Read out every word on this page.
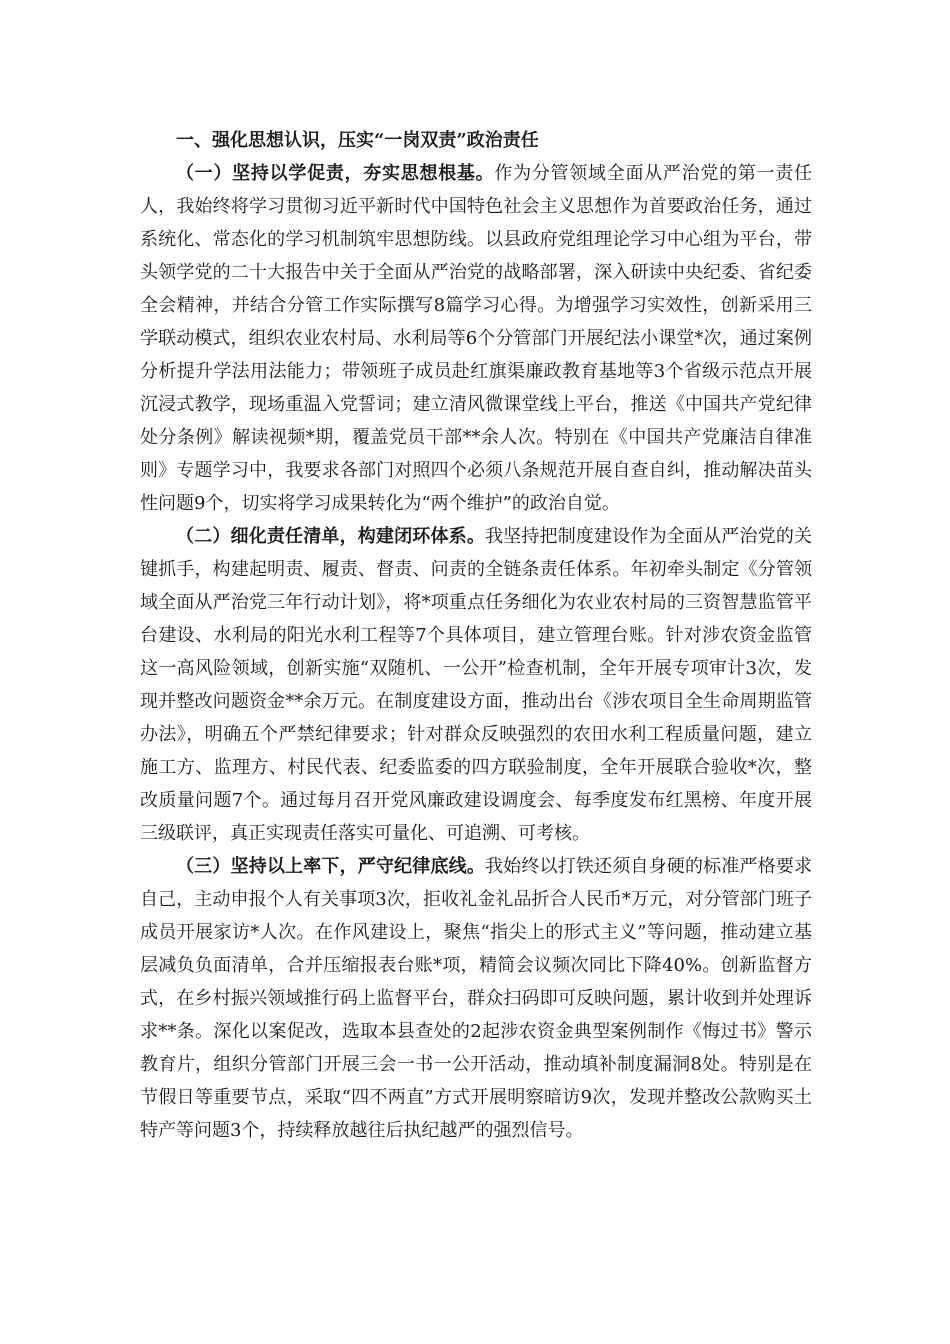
一、强化思想认识，压实“一岗双责”政治责任

（一）坚持以学促责，夯实思想根基。作为分管领域全面从严治党的第一责任人，我始终将学习贯彻习近平新时代中国特色社会主义思想作为首要政治任务，通过系统化、常态化的学习机制筑牢思想防线。以县政府党组理论学习中心组为平台，带头领学党的二十大报告中关于全面从严治党的战略部署，深入研读中央纪委、省纪委全会精神，并结合分管工作实际撰写8篇学习心得。为增强学习实效性，创新采用三学联动模式，组织农业农村局、水利局等6个分管部门开展纪法小课堂*次，通过案例分析提升学法用法能力；带领班子成员赴红旗渠廉政教育基地等3个省级示范点开展沉浸式教学，现场重温入党誓词；建立清风微课堂线上平台，推送《中国共产党纪律处分条例》解读视频*期，覆盖党员干部**余人次。特别在《中国共产党廉洁自律准则》专题学习中，我要求各部门对照四个必须八条规范开展自查自纠，推动解决苗头性问题9个，切实将学习成果转化为“两个维护”的政治自觉。

（二）细化责任清单，构建闭环体系。我坚持把制度建设作为全面从严治党的关键抓手，构建起明责、履责、督责、问责的全链条责任体系。年初牵头制定《分管领域全面从严治党三年行动计划》，将*项重点任务细化为农业农村局的三资智慧监管平台建设、水利局的阳光水利工程等7个具体项目，建立管理台账。针对涉农资金监管这一高风险领域，创新实施“双随机、一公开”检查机制，全年开展专项审计3次，发现并整改问题资金**余万元。在制度建设方面，推动出台《涉农项目全生命周期监管办法》，明确五个严禁纪律要求；针对群众反映强烈的农田水利工程质量问题，建立施工方、监理方、村民代表、纪委监委的四方联验制度，全年开展联合验收*次，整改质量问题7个。通过每月召开党风廉政建设调度会、每季度发布红黑榜、年度开展三级联评，真正实现责任落实可量化、可追溯、可考核。

（三）坚持以上率下，严守纪律底线。我始终以打铁还须自身硬的标准严格要求自己，主动申报个人有关事项3次，拒收礼金礼品折合人民币*万元，对分管部门班子成员开展家访*人次。在作风建设上，聚焦“指尖上的形式主义”等问题，推动建立基层减负负面清单，合并压缩报表台账*项，精简会议频次同比下降40%。创新监督方式，在乡村振兴领域推行码上监督平台，群众扫码即可反映问题，累计收到并处理诉求**条。深化以案促改，选取本县查处的2起涉农资金典型案例制作《悔过书》警示教育片，组织分管部门开展三会一书一公开活动，推动填补制度漏洞8处。特别是在节假日等重要节点，采取“四不两直”方式开展明察暗访9次，发现并整改公款购买土特产等问题3个，持续释放越往后执纪越严的强烈信号。
